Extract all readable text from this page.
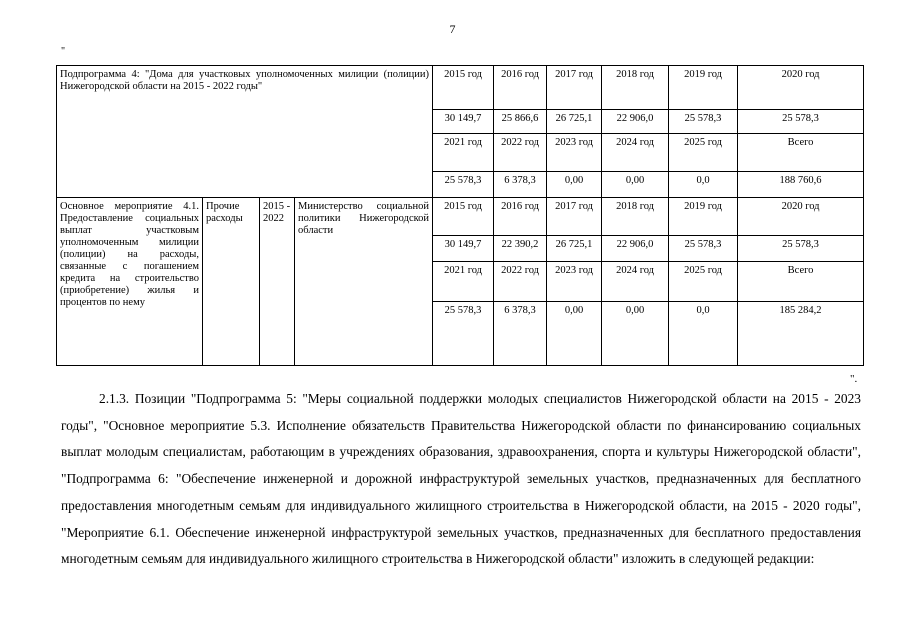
7
"
Подпрограмма 4: "Дома для участковых уполномоченных милиции (полиции) Нижегородской области на 2015 - 2022 годы"				2015 год	2016 год	2017 год	2018 год	2019 год	2020 год
				30 149,7	25 866,6	26 725,1	22 906,0	25 578,3	25 578,3
				2021 год	2022 год	2023 год	2024 год	2025 год	Всего
				25 578,3	6 378,3	0,00	0,00	0,0	188 760,6
Основное мероприятие 4.1. Предоставление социальных выплат участковым уполномоченным милиции (полиции) на расходы, связанные с погашением кредита на строительство (приобретение) жилья и процентов по нему	Прочие расходы	2015 - 2022	Министерство социальной политики Нижегородской области	2015 год	2016 год	2017 год	2018 год	2019 год	2020 год
				30 149,7	22 390,2	26 725,1	22 906,0	25 578,3	25 578,3
				2021 год	2022 год	2023 год	2024 год	2025 год	Всего
				25 578,3	6 378,3	0,00	0,00	0,0	185 284,2
".

2.1.3. Позиции "Подпрограмма 5: "Меры социальной поддержки молодых специалистов Нижегородской области на 2015 - 2023 годы", "Основное мероприятие 5.3. Исполнение обязательств Правительства Нижегородской области по финансированию социальных выплат молодым специалистам, работающим в учреждениях образования, здравоохранения, спорта и культуры Нижегородской области", "Подпрограмма 6: "Обеспечение инженерной и дорожной инфраструктурой земельных участков, предназначенных для бесплатного предоставления многодетным семьям для индивидуального жилищного строительства в Нижегородской области, на 2015 - 2020 годы", "Мероприятие 6.1. Обеспечение инженерной инфраструктурой земельных участков, предназначенных для бесплатного предоставления многодетным семьям для индивидуального жилищного строительства в Нижегородской области" изложить в следующей редакции:
